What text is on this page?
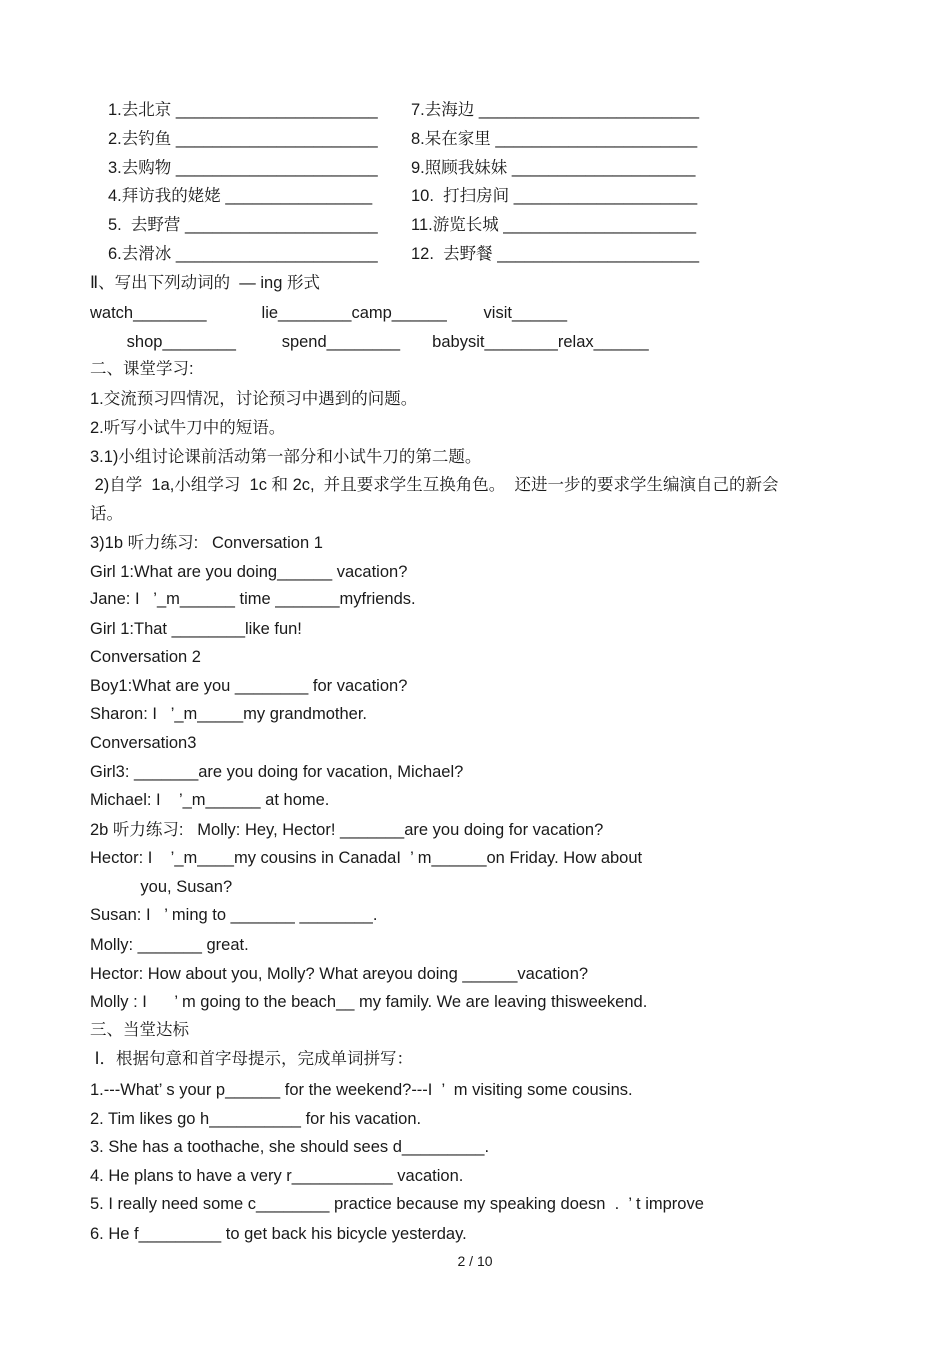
1.去北京 ______________________ 7.去海边 ________________________
2.去钓鱼 ______________________ 8.呆在家里 ______________________
3.去购物 ______________________ 9.照顾我妹妹 ____________________
4.拜访我的姥姥 ________________ 10.  打扫房间 ____________________
5.  去野营 _____________________ 11.游览长城 _____________________
6.去滑冰 ______________________ 12.  去野餐 ______________________
Ⅱ、写出下列动词的  — ing 形式
watch________            lie________camp______        visit______
shop________          spend________       babysit________relax______
二、课堂学习:
1.交流预习四情况，讨论预习中遇到的问题。
2.听写小试牛刀中的短语。
3.1)小组讨论课前活动第一部分和小试牛刀的第二题。
2)自学  1a,小组学习  1c 和 2c,  并且要求学生互换角色。  还进一步的要求学生编演自己的新会
话。
3)1b 听力练习:   Conversation 1
Girl 1:What are you doing______ vacation?
Jane: I   ’_m______ time _______myfriends.
Girl 1:That ________like fun!
Conversation 2
Boy1:What are you ________ for vacation?
Sharon: I   ’_m_____my grandmother.
Conversation3
Girl3: _______are you doing for vacation, Michael?
Michael: I    ’_m______ at home.
2b 听力练习:   Molly: Hey, Hector! _______are you doing for vacation?
Hector: I    ’_m____my cousins in CanadaI  ’ m______on Friday. How about
you, Susan?
Susan: I   ’ ming to _______ ________.
Molly: _______ great.
Hector: How about you, Molly? What areyou doing ______vacation?
Molly : I      ’ m going to the beach__ my family. We are leaving thisweekend.
三、当堂达标
Ⅰ．根据句意和首字母提示，完成单词拼写：
1.---What’ s your p______ for the weekend?---I  ’  m visiting some cousins.
2. Tim likes go h__________ for his vacation.
3. She has a toothache, she should sees d_________.
4. He plans to have a very r___________ vacation.
5. I really need some c________ practice because my speaking doesn  .  ’ t improve
6. He f_________ to get back his bicycle yesterday.
2 / 10
